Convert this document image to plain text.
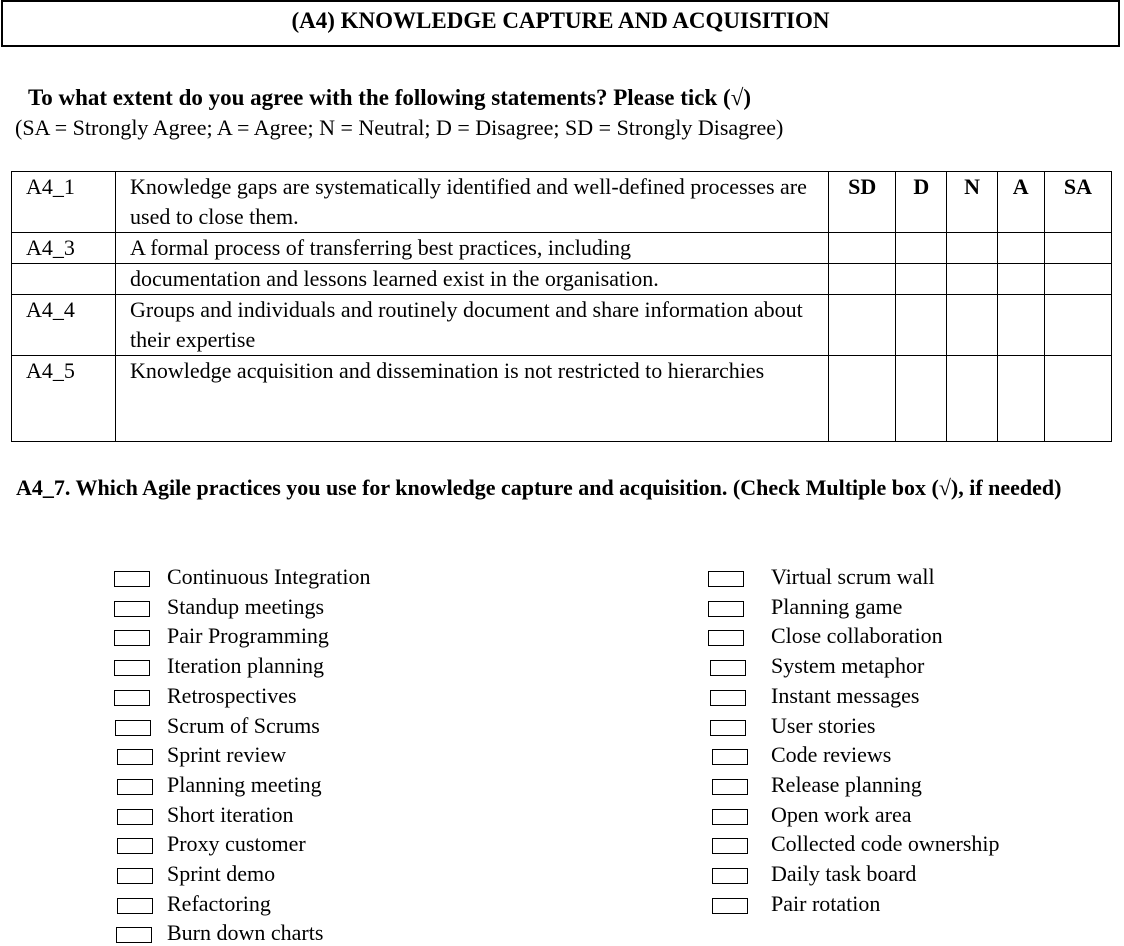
(A4) KNOWLEDGE CAPTURE AND ACQUISITION
To what extent do you agree with the following statements? Please tick (√)
(SA = Strongly Agree; A = Agree; N = Neutral; D = Disagree; SD = Strongly Disagree)
A4_1	Knowledge gaps are systematically identified and well-defined processes are used to close them.	SD	D	N	A	SA
A4_3	A formal process of transferring best practices, including					
	documentation and lessons learned exist in the organisation.					
A4_4	Groups and individuals and routinely document and share information about their expertise					
A4_5	Knowledge acquisition and dissemination is not restricted to hierarchies					
A4_7. Which Agile practices you use for knowledge capture and acquisition. (Check Multiple box (√), if needed)
Continuous Integration
Standup meetings
Pair Programming
Iteration planning
Retrospectives
Scrum of Scrums
Sprint review
Planning meeting
Short iteration
Proxy customer
Sprint demo
Refactoring
Burn down charts
Virtual scrum wall
Planning game
Close collaboration
System metaphor
Instant messages
User stories
Code reviews
Release planning
Open work area
Collected code ownership
Daily task board
Pair rotation
